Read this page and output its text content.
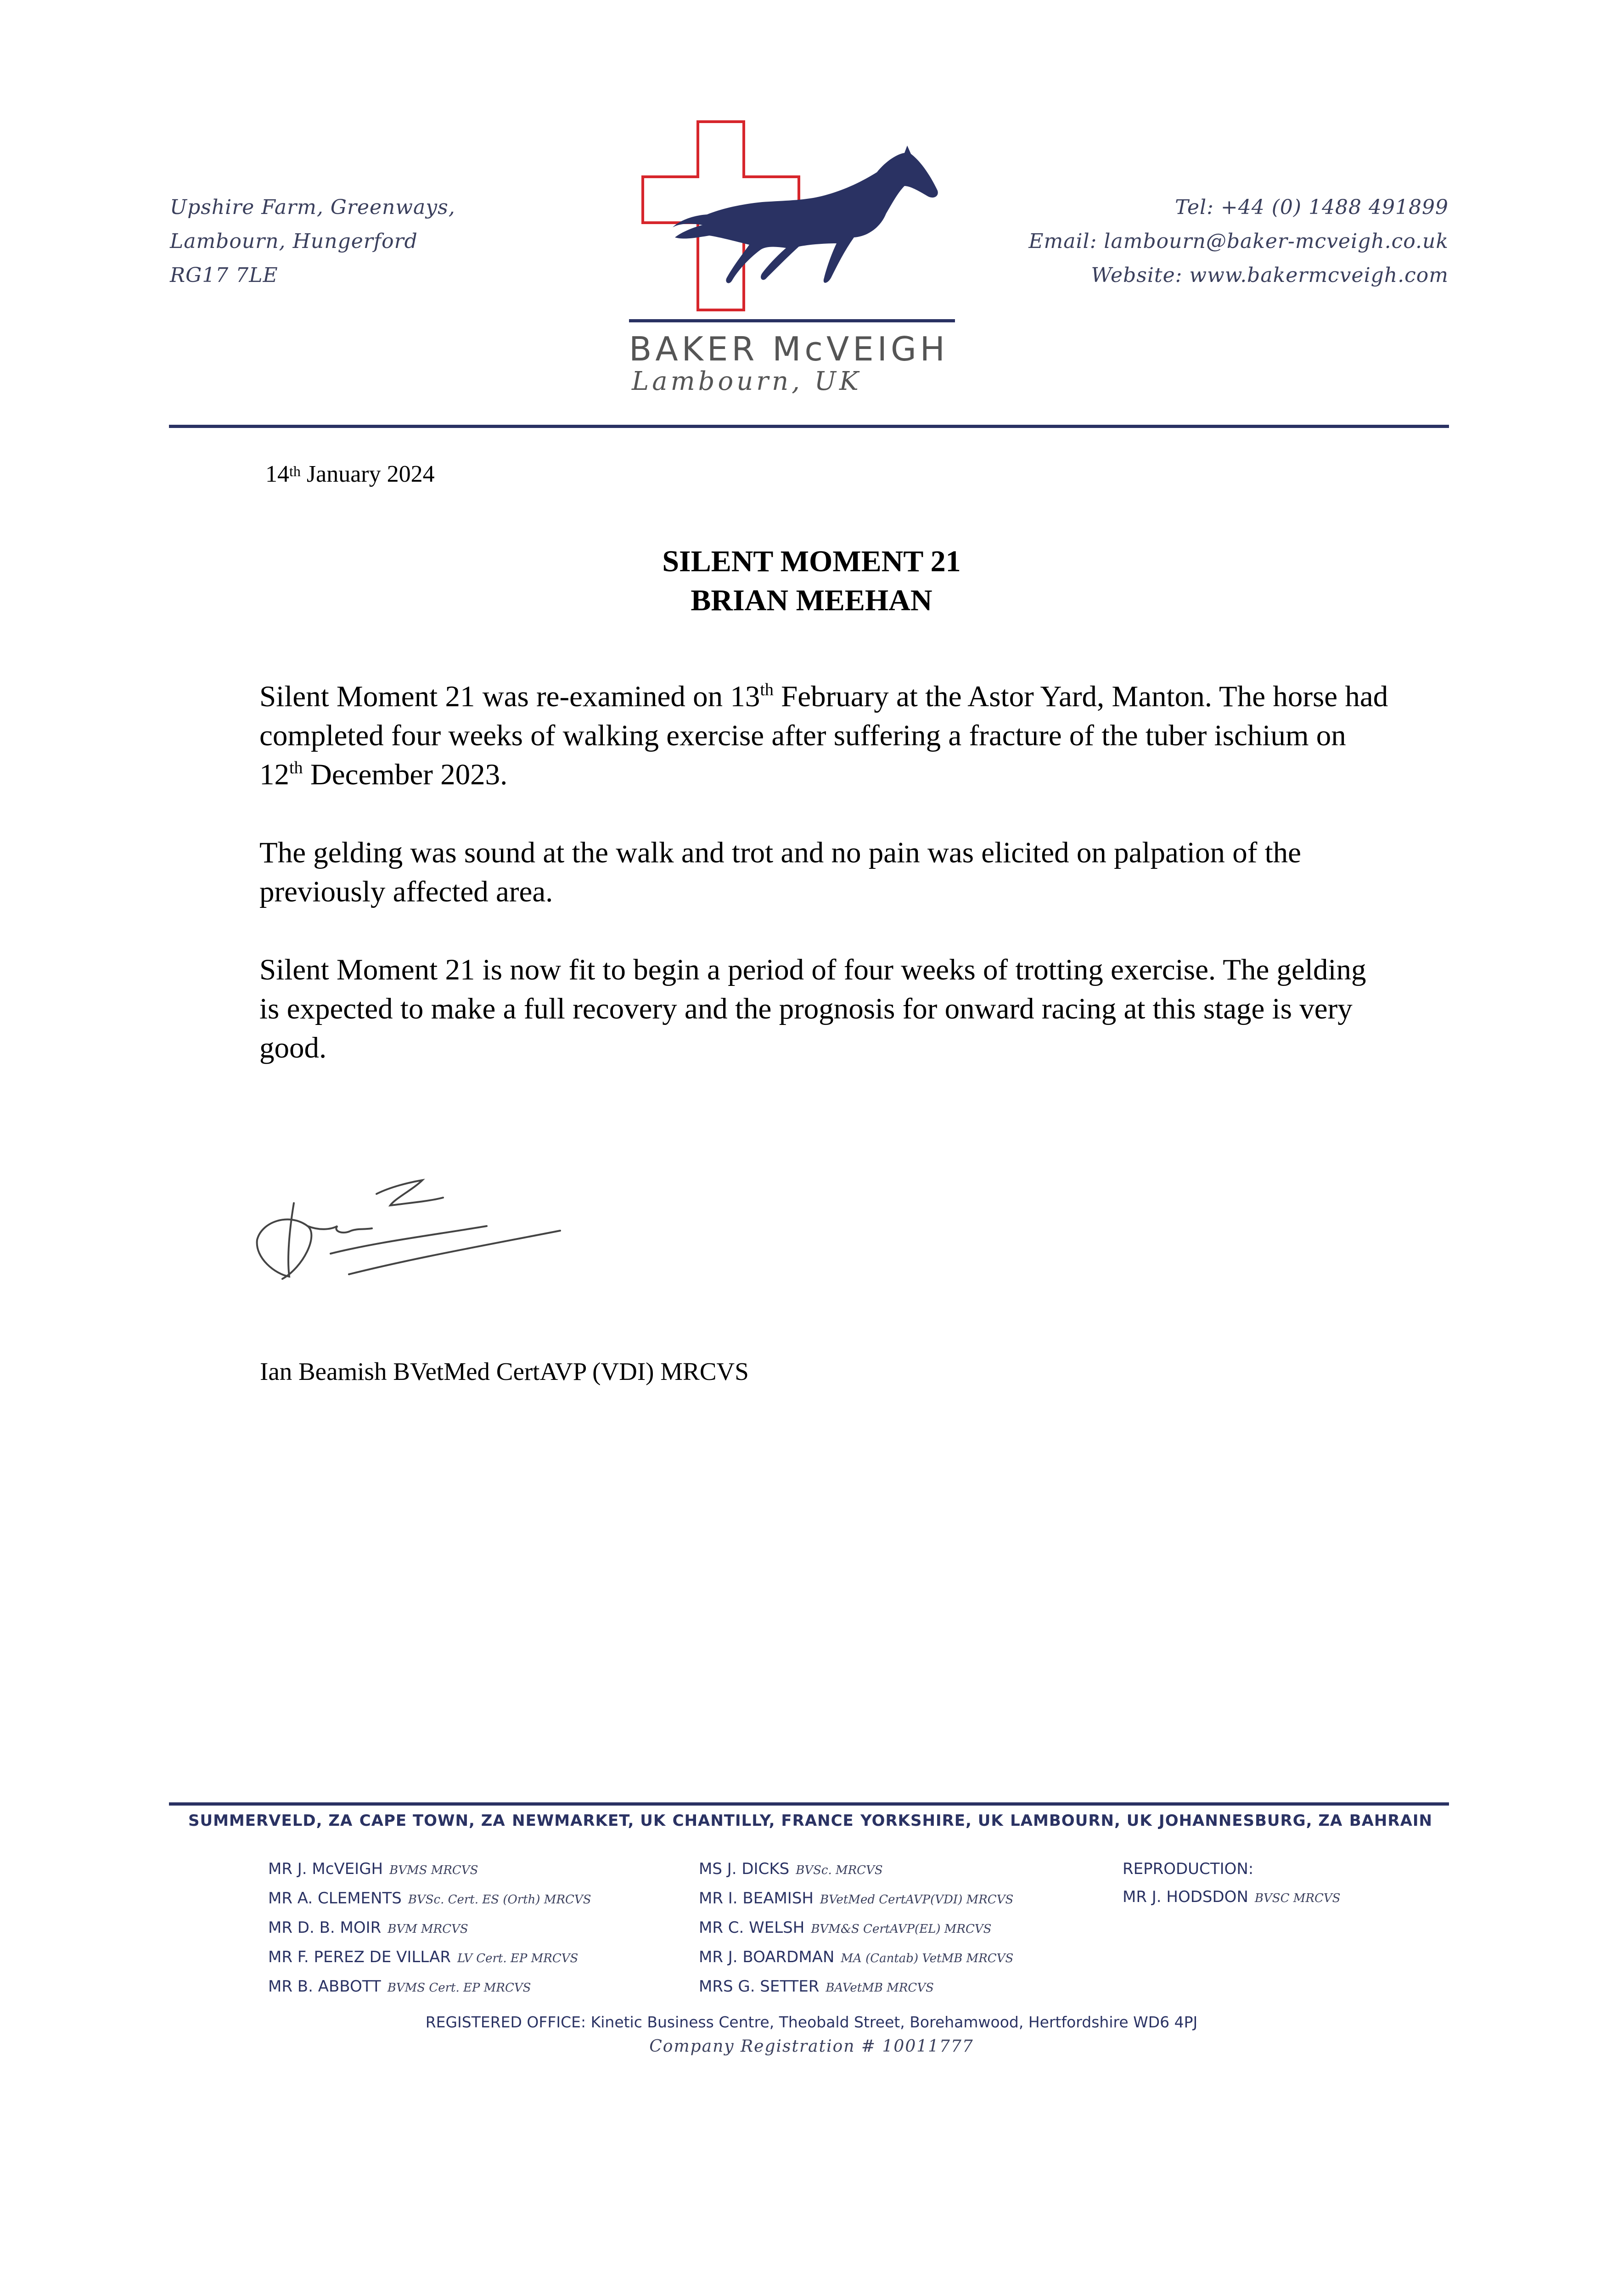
Upshire Farm, Greenways,
Lambourn, Hungerford
RG17 7LE
BAKER McVEIGH
Lambourn, UK
Tel: +44 (0) 1488 491899
Email: lambourn@baker-mcveigh.co.uk
Website: www.bakermcveigh.com
14th January 2024
SILENT MOMENT 21
BRIAN MEEHAN
Silent Moment 21 was re-examined on 13th February at the Astor Yard, Manton. The horse had completed four weeks of walking exercise after suffering a fracture of the tuber ischium on 12th December 2023.
The gelding was sound at the walk and trot and no pain was elicited on palpation of the previously affected area.
Silent Moment 21 is now fit to begin a period of four weeks of trotting exercise. The gelding is expected to make a full recovery and the prognosis for onward racing at this stage is very good.
Ian Beamish BVetMed CertAVP (VDI) MRCVS
SUMMERVELD, ZA CAPE TOWN, ZA NEWMARKET, UK CHANTILLY, FRANCE YORKSHIRE, UK LAMBOURN, UK JOHANNESBURG, ZA BAHRAIN
MR J. McVEIGH BVMS MRCVS
MR A. CLEMENTS BVSc. Cert. ES (Orth) MRCVS
MR D. B. MOIR BVM MRCVS
MR F. PEREZ DE VILLAR LV Cert. EP MRCVS
MR B. ABBOTT BVMS Cert. EP MRCVS
MS J. DICKS BVSc. MRCVS
MR I. BEAMISH BVetMed CertAVP(VDI) MRCVS
MR C. WELSH BVM&S CertAVP(EL) MRCVS
MR J. BOARDMAN MA (Cantab) VetMB MRCVS
MRS G. SETTER BAVetMB MRCVS
REPRODUCTION:
MR J. HODSDON BVSC MRCVS
REGISTERED OFFICE: Kinetic Business Centre, Theobald Street, Borehamwood, Hertfordshire WD6 4PJ
Company Registration # 10011777
